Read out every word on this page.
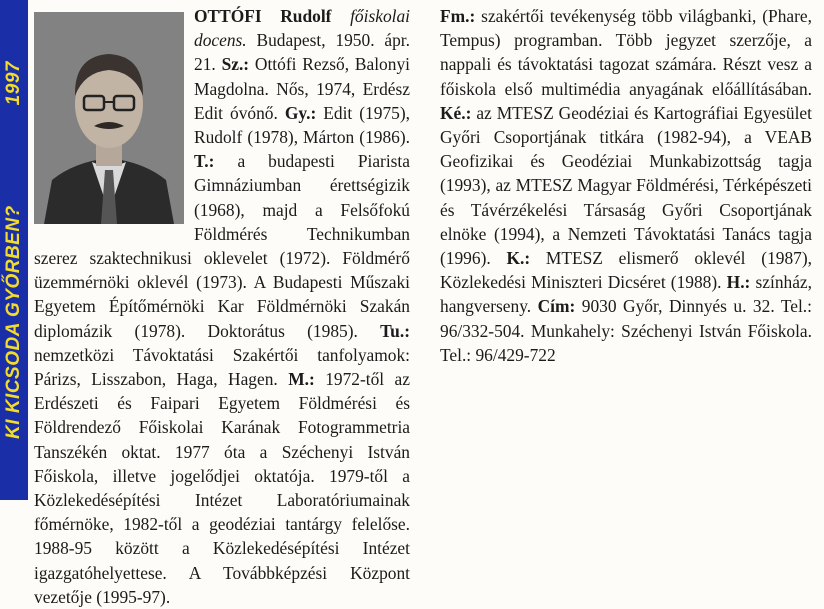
KI KICSODA GYŐRBEN?1997

OTTÓFI Rudolf főiskolai docens. Budapest, 1950. ápr. 21. Sz.: Ottófi Rezső, Balonyi Magdolna. Nős, 1974, Erdész Edit óvónő. Gy.: Edit (1975), Rudolf (1978), Márton (1986). T.: a budapesti Piarista Gimnáziumban érettségizik (1968), majd a Felsőfokú Földmérés Technikumban szerez szaktechnikusi oklevelet (1972). Földmérő üzemmérnöki oklevél (1973). A Budapesti Műszaki Egyetem Építőmérnöki Kar Földmérnöki Szakán diplomázik (1978). Doktorátus (1985). Tu.: nemzetközi Távoktatási Szakértői tanfolyamok: Párizs, Lisszabon, Haga, Hagen. M.: 1972-től az Erdészeti és Faipari Egyetem Földmérési és Földrendező Főiskolai Karának Fotogrammetria Tanszékén oktat. 1977 óta a Széchenyi István Főiskola, illetve jogelődjei oktatója. 1979-től a Közlekedésépítési Intézet Laboratóriumainak főmérnöke, 1982-től a geodéziai tantárgy felelőse. 1988-95 között a Közlekedésépítési Intézet igazgatóhelyettese. A Továbbképzési Központ vezetője (1995-97).

Fm.: szakértői tevékenység több világbanki, (Phare, Tempus) programban. Több jegyzet szerzője, a nappali és távoktatási tagozat számára. Részt vesz a főiskola első multimédia anyagának előállításában. Ké.: az MTESZ Geodéziai és Kartográfiai Egyesület Győri Csoportjának titkára (1982-94), a VEAB Geofizikai és Geodéziai Munkabizottság tagja (1993), az MTESZ Magyar Földmérési, Térképészeti és Távérzékelési Társaság Győri Csoportjának elnöke (1994), a Nemzeti Távoktatási Tanács tagja (1996). K.: MTESZ elismerő oklevél (1987), Közlekedési Miniszteri Dicséret (1988). H.: színház, hangverseny. Cím: 9030 Győr, Dinnyés u. 32. Tel.: 96/332-504. Munkahely: Széchenyi István Főiskola. Tel.: 96/429-722
